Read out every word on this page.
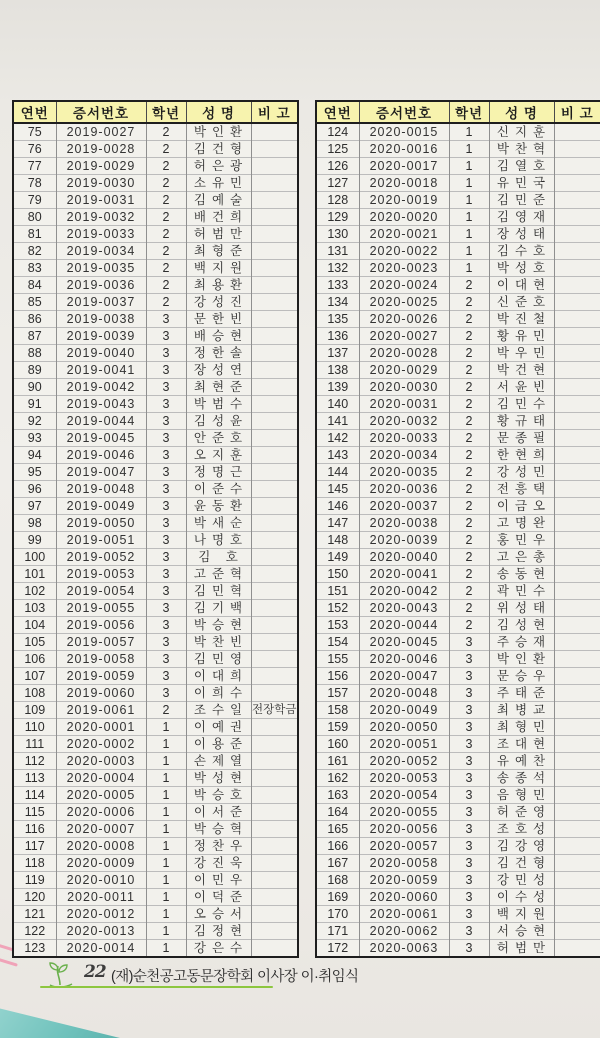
연번	증서번호	학년	성 명	비 고
75	2019-0027	2	박인환	
76	2019-0028	2	김건형	
77	2019-0029	2	허은광	
78	2019-0030	2	소유민	
79	2019-0031	2	김예술	
80	2019-0032	2	배건희	
81	2019-0033	2	허범만	
82	2019-0034	2	최형준	
83	2019-0035	2	백지원	
84	2019-0036	2	최용환	
85	2019-0037	2	강성진	
86	2019-0038	3	문한빈	
87	2019-0039	3	배승현	
88	2019-0040	3	정한솔	
89	2019-0041	3	장성연	
90	2019-0042	3	최현준	
91	2019-0043	3	박범수	
92	2019-0044	3	김성윤	
93	2019-0045	3	안준호	
94	2019-0046	3	오지훈	
95	2019-0047	3	정명근	
96	2019-0048	3	이준수	
97	2019-0049	3	윤동환	
98	2019-0050	3	박새순	
99	2019-0051	3	나명호	
100	2019-0052	3	김 호	
101	2019-0053	3	고준혁	
102	2019-0054	3	김민혁	
103	2019-0055	3	김기백	
104	2019-0056	3	박승현	
105	2019-0057	3	박찬빈	
106	2019-0058	3	김민영	
107	2019-0059	3	이대희	
108	2019-0060	3	이희수	
109	2019-0061	2	조수일	전장학금
110	2020-0001	1	이예권	
111	2020-0002	1	이용준	
112	2020-0003	1	손제열	
113	2020-0004	1	박성현	
114	2020-0005	1	박승호	
115	2020-0006	1	이서준	
116	2020-0007	1	박승혁	
117	2020-0008	1	정찬우	
118	2020-0009	1	강진욱	
119	2020-0010	1	이민우	
120	2020-0011	1	이덕준	
121	2020-0012	1	오승서	
122	2020-0013	1	김정현	
123	2020-0014	1	강은수	
연번	증서번호	학년	성 명	비 고
124	2020-0015	1	신지훈	
125	2020-0016	1	박찬혁	
126	2020-0017	1	김열호	
127	2020-0018	1	유민국	
128	2020-0019	1	김민준	
129	2020-0020	1	김영재	
130	2020-0021	1	장성태	
131	2020-0022	1	김수호	
132	2020-0023	1	박성호	
133	2020-0024	2	이대현	
134	2020-0025	2	신준호	
135	2020-0026	2	박진철	
136	2020-0027	2	황유민	
137	2020-0028	2	박우민	
138	2020-0029	2	박건현	
139	2020-0030	2	서윤빈	
140	2020-0031	2	김민수	
141	2020-0032	2	황규태	
142	2020-0033	2	문종필	
143	2020-0034	2	한현희	
144	2020-0035	2	강성민	
145	2020-0036	2	전흥택	
146	2020-0037	2	이금오	
147	2020-0038	2	고명완	
148	2020-0039	2	홍민우	
149	2020-0040	2	고은총	
150	2020-0041	2	송동현	
151	2020-0042	2	곽민수	
152	2020-0043	2	위성태	
153	2020-0044	2	김성현	
154	2020-0045	3	주승재	
155	2020-0046	3	박인환	
156	2020-0047	3	문승우	
157	2020-0048	3	주태준	
158	2020-0049	3	최병교	
159	2020-0050	3	최형민	
160	2020-0051	3	조대현	
161	2020-0052	3	유예찬	
162	2020-0053	3	송종석	
163	2020-0054	3	음형민	
164	2020-0055	3	허준영	
165	2020-0056	3	조호성	
166	2020-0057	3	김강영	
167	2020-0058	3	김건형	
168	2020-0059	3	강민성	
169	2020-0060	3	이수성	
170	2020-0061	3	백지원	
171	2020-0062	3	서승현	
172	2020-0063	3	허범만	
22 (재)순천공고동문장학회 이사장 이·취임식
